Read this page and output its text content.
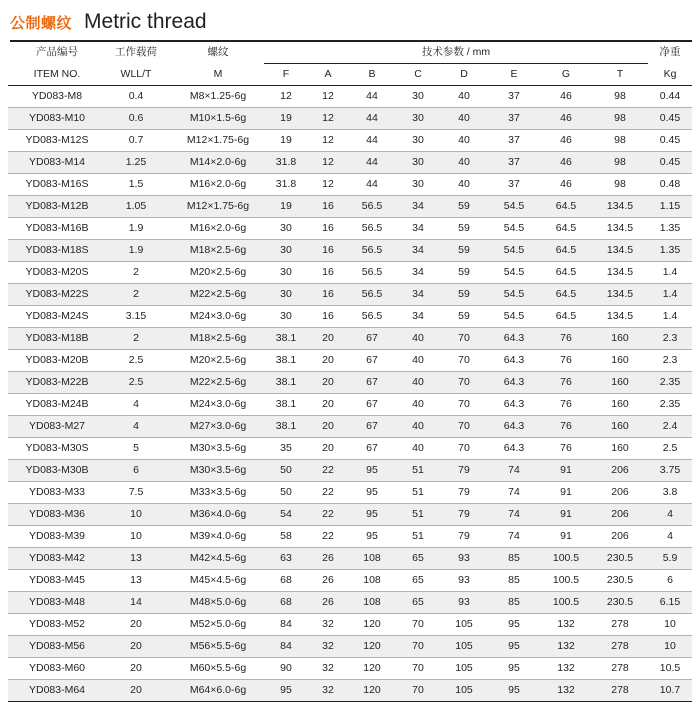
公制螺纹 Metric thread
产品编号	工作载荷	螺纹	技术参数 / mm								净重
ITEM NO.	WLL/T	M	F	A	B	C	D	E	G	T	Kg
YD083-M8	0.4	M8×1.25-6g	12	12	44	30	40	37	46	98	0.44
YD083-M10	0.6	M10×1.5-6g	19	12	44	30	40	37	46	98	0.45
YD083-M12S	0.7	M12×1.75-6g	19	12	44	30	40	37	46	98	0.45
YD083-M14	1.25	M14×2.0-6g	31.8	12	44	30	40	37	46	98	0.45
YD083-M16S	1.5	M16×2.0-6g	31.8	12	44	30	40	37	46	98	0.48
YD083-M12B	1.05	M12×1.75-6g	19	16	56.5	34	59	54.5	64.5	134.5	1.15
YD083-M16B	1.9	M16×2.0-6g	30	16	56.5	34	59	54.5	64.5	134.5	1.35
YD083-M18S	1.9	M18×2.5-6g	30	16	56.5	34	59	54.5	64.5	134.5	1.35
YD083-M20S	2	M20×2.5-6g	30	16	56.5	34	59	54.5	64.5	134.5	1.4
YD083-M22S	2	M22×2.5-6g	30	16	56.5	34	59	54.5	64.5	134.5	1.4
YD083-M24S	3.15	M24×3.0-6g	30	16	56.5	34	59	54.5	64.5	134.5	1.4
YD083-M18B	2	M18×2.5-6g	38.1	20	67	40	70	64.3	76	160	2.3
YD083-M20B	2.5	M20×2.5-6g	38.1	20	67	40	70	64.3	76	160	2.3
YD083-M22B	2.5	M22×2.5-6g	38.1	20	67	40	70	64.3	76	160	2.35
YD083-M24B	4	M24×3.0-6g	38.1	20	67	40	70	64.3	76	160	2.35
YD083-M27	4	M27×3.0-6g	38.1	20	67	40	70	64.3	76	160	2.4
YD083-M30S	5	M30×3.5-6g	35	20	67	40	70	64.3	76	160	2.5
YD083-M30B	6	M30×3.5-6g	50	22	95	51	79	74	91	206	3.75
YD083-M33	7.5	M33×3.5-6g	50	22	95	51	79	74	91	206	3.8
YD083-M36	10	M36×4.0-6g	54	22	95	51	79	74	91	206	4
YD083-M39	10	M39×4.0-6g	58	22	95	51	79	74	91	206	4
YD083-M42	13	M42×4.5-6g	63	26	108	65	93	85	100.5	230.5	5.9
YD083-M45	13	M45×4.5-6g	68	26	108	65	93	85	100.5	230.5	6
YD083-M48	14	M48×5.0-6g	68	26	108	65	93	85	100.5	230.5	6.15
YD083-M52	20	M52×5.0-6g	84	32	120	70	105	95	132	278	10
YD083-M56	20	M56×5.5-6g	84	32	120	70	105	95	132	278	10
YD083-M60	20	M60×5.5-6g	90	32	120	70	105	95	132	278	10.5
YD083-M64	20	M64×6.0-6g	95	32	120	70	105	95	132	278	10.7
